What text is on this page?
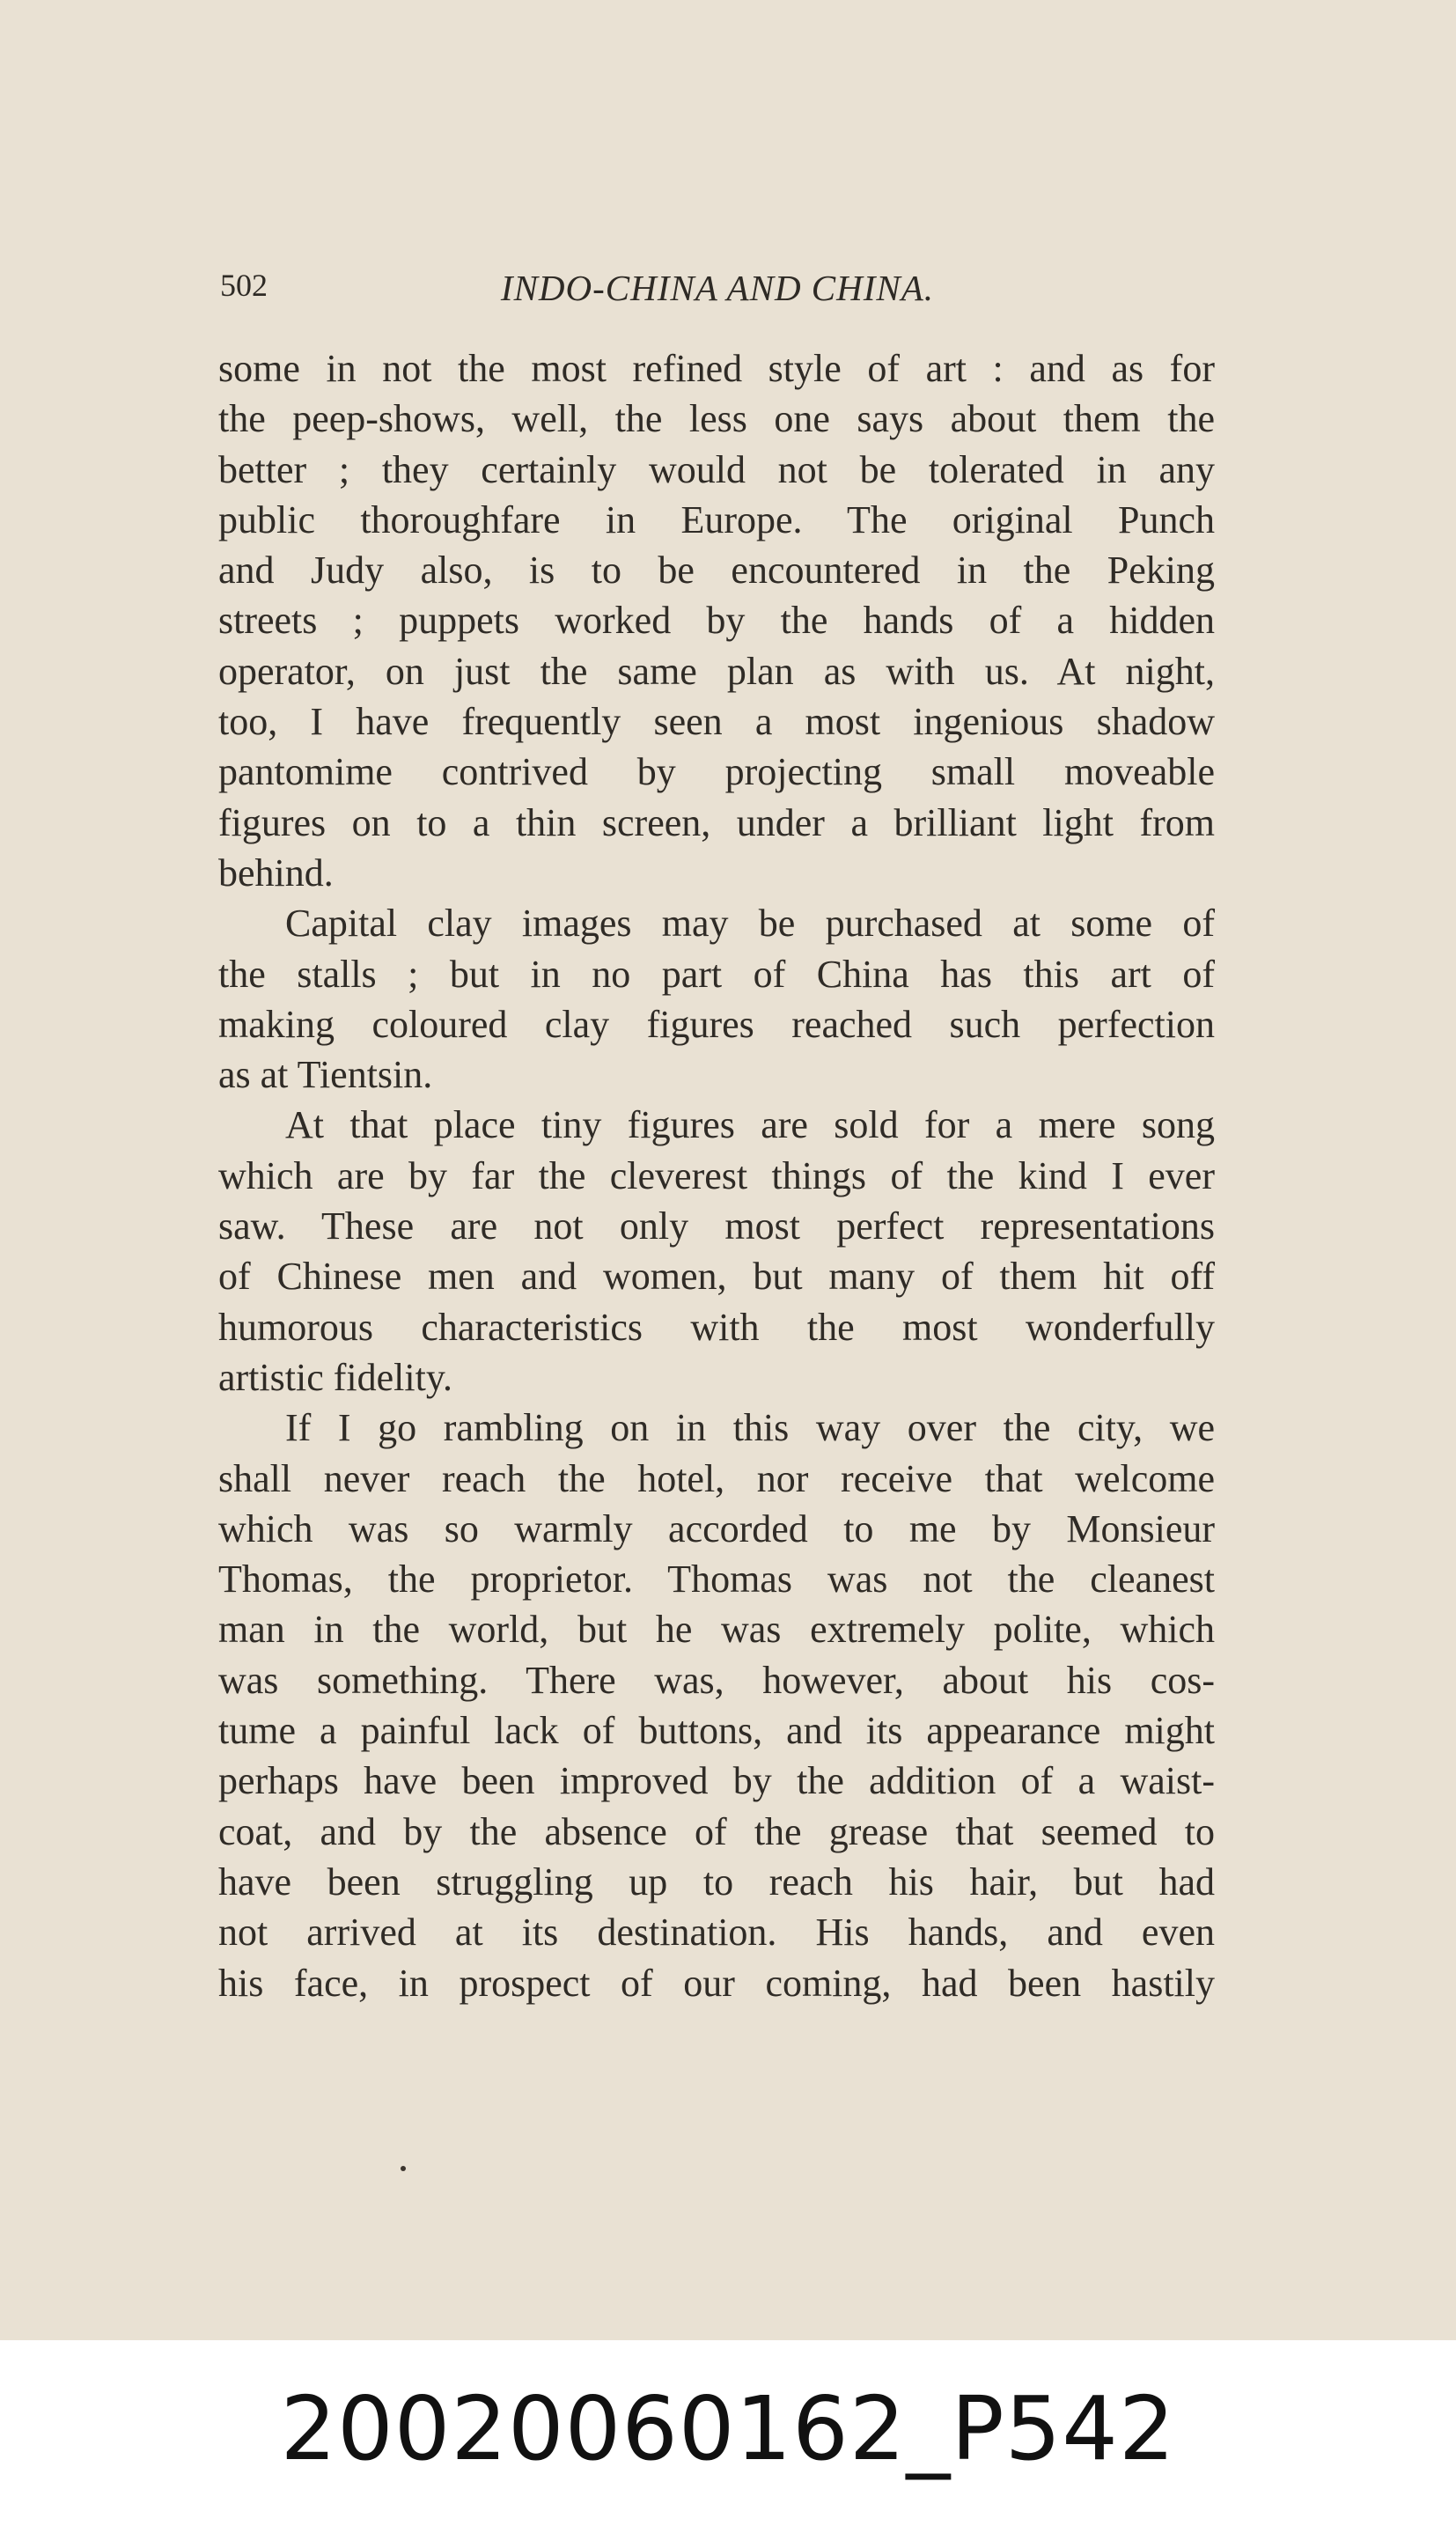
502	INDO-CHINA AND CHINA.

some in not the most refined style of art : and as for
the peep-shows, well, the less one says about them the
better ; they certainly would not be tolerated in any
public thoroughfare in Europe. The original Punch
and Judy also, is to be encountered in the Peking
streets ; puppets worked by the hands of a hidden
operator, on just the same plan as with us. At night,
too, I have frequently seen a most ingenious shadow
pantomime contrived by projecting small moveable
figures on to a thin screen, under a brilliant light from
behind.

Capital clay images may be purchased at some of
the stalls ; but in no part of China has this art of
making coloured clay figures reached such perfection
as at Tientsin.

At that place tiny figures are sold for a mere song
which are by far the cleverest things of the kind I ever
saw. These are not only most perfect representations
of Chinese men and women, but many of them hit off
humorous characteristics with the most wonderfully
artistic fidelity.

If I go rambling on in this way over the city, we
shall never reach the hotel, nor receive that welcome
which was so warmly accorded to me by Monsieur
Thomas, the proprietor. Thomas was not the cleanest
man in the world, but he was extremely polite, which
was something. There was, however, about his cos-
tume a painful lack of buttons, and its appearance might
perhaps have been improved by the addition of a waist-
coat, and by the absence of the grease that seemed to
have been struggling up to reach his hair, but had
not arrived at its destination. His hands, and even
his face, in prospect of our coming, had been hastily

20020060162_P542
